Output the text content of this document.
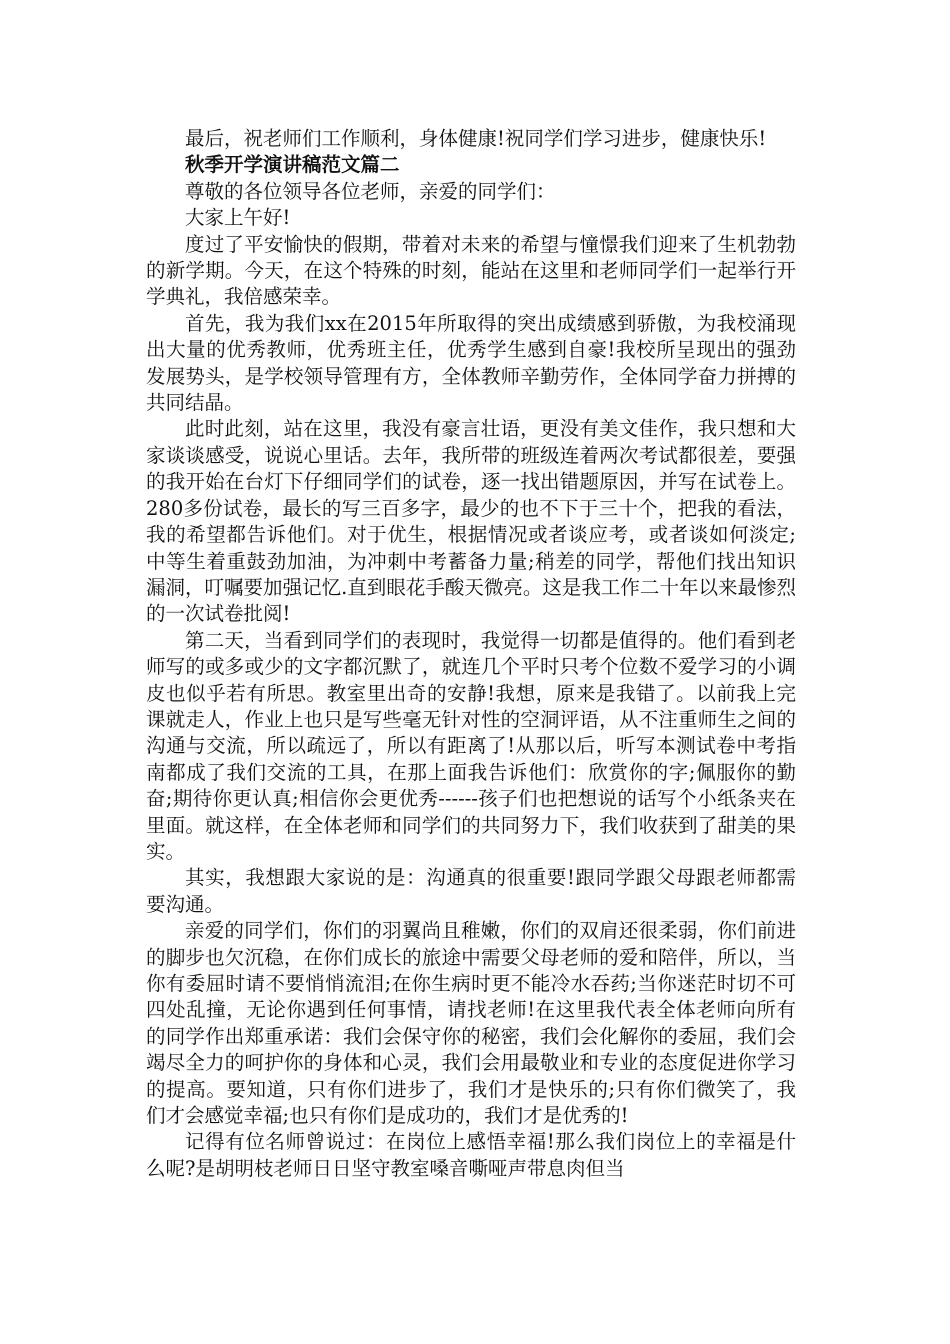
最后，祝老师们工作顺利，身体健康!祝同学们学习进步，健康快乐!

秋季开学演讲稿范文篇二

尊敬的各位领导各位老师，亲爱的同学们：

大家上午好!

度过了平安愉快的假期，带着对未来的希望与憧憬我们迎来了生机勃勃的新学期。今天，在这个特殊的时刻，能站在这里和老师同学们一起举行开学典礼，我倍感荣幸。

首先，我为我们xx在2015年所取得的突出成绩感到骄傲，为我校涌现出大量的优秀教师，优秀班主任，优秀学生感到自豪!我校所呈现出的强劲发展势头，是学校领导管理有方，全体教师辛勤劳作，全体同学奋力拼搏的共同结晶。

此时此刻，站在这里，我没有豪言壮语，更没有美文佳作，我只想和大家谈谈感受，说说心里话。去年，我所带的班级连着两次考试都很差，要强的我开始在台灯下仔细同学们的试卷，逐一找出错题原因，并写在试卷上。280多份试卷，最长的写三百多字，最少的也不下于三十个，把我的看法，我的希望都告诉他们。对于优生，根据情况或者谈应考，或者谈如何淡定;中等生着重鼓劲加油，为冲刺中考蓄备力量;稍差的同学，帮他们找出知识漏洞，叮嘱要加强记忆.直到眼花手酸天微亮。这是我工作二十年以来最惨烈的一次试卷批阅!

第二天，当看到同学们的表现时，我觉得一切都是值得的。他们看到老师写的或多或少的文字都沉默了，就连几个平时只考个位数不爱学习的小调皮也似乎若有所思。教室里出奇的安静!我想，原来是我错了。以前我上完课就走人，作业上也只是写些毫无针对性的空洞评语，从不注重师生之间的沟通与交流，所以疏远了，所以有距离了!从那以后，听写本测试卷中考指南都成了我们交流的工具，在那上面我告诉他们：欣赏你的字;佩服你的勤奋;期待你更认真;相信你会更优秀------孩子们也把想说的话写个小纸条夹在里面。就这样，在全体老师和同学们的共同努力下，我们收获到了甜美的果实。

其实，我想跟大家说的是：沟通真的很重要!跟同学跟父母跟老师都需要沟通。

亲爱的同学们，你们的羽翼尚且稚嫩，你们的双肩还很柔弱，你们前进的脚步也欠沉稳，在你们成长的旅途中需要父母老师的爱和陪伴，所以，当你有委屈时请不要悄悄流泪;在你生病时更不能冷水吞药;当你迷茫时切不可四处乱撞，无论你遇到任何事情，请找老师!在这里我代表全体老师向所有的同学作出郑重承诺：我们会保守你的秘密，我们会化解你的委屈，我们会竭尽全力的呵护你的身体和心灵，我们会用最敬业和专业的态度促进你学习的提高。要知道，只有你们进步了，我们才是快乐的;只有你们微笑了，我们才会感觉幸福;也只有你们是成功的，我们才是优秀的!

记得有位名师曾说过：在岗位上感悟幸福!那么我们岗位上的幸福是什么呢?是胡明枝老师日日坚守教室嗓音嘶哑声带息肉但当
